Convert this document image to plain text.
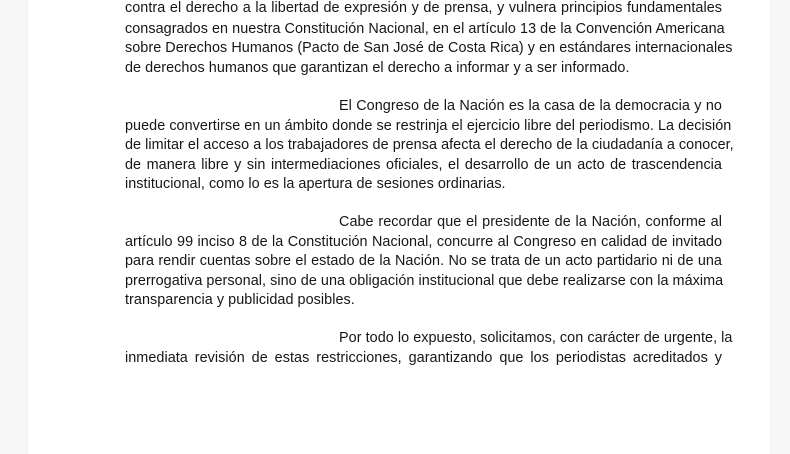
contra el derecho a la libertad de expresión y de prensa, y vulnera principios fundamentales
consagrados en nuestra Constitución Nacional, en el artículo 13 de la Convención Americana
sobre Derechos Humanos (Pacto de San José de Costa Rica) y en estándares internacionales
de derechos humanos que garantizan el derecho a informar y a ser informado.
El Congreso de la Nación es la casa de la democracia y no
puede convertirse en un ámbito donde se restrinja el ejercicio libre del periodismo. La decisión
de limitar el acceso a los trabajadores de prensa afecta el derecho de la ciudadanía a conocer,
de manera libre y sin intermediaciones oficiales, el desarrollo de un acto de trascendencia
institucional, como lo es la apertura de sesiones ordinarias.
Cabe recordar que el presidente de la Nación, conforme al
artículo 99 inciso 8 de la Constitución Nacional, concurre al Congreso en calidad de invitado
para rendir cuentas sobre el estado de la Nación. No se trata de un acto partidario ni de una
prerrogativa personal, sino de una obligación institucional que debe realizarse con la máxima
transparencia y publicidad posibles.
Por todo lo expuesto, solicitamos, con carácter de urgente, la
inmediata revisión de estas restricciones, garantizando que los periodistas acreditados y
